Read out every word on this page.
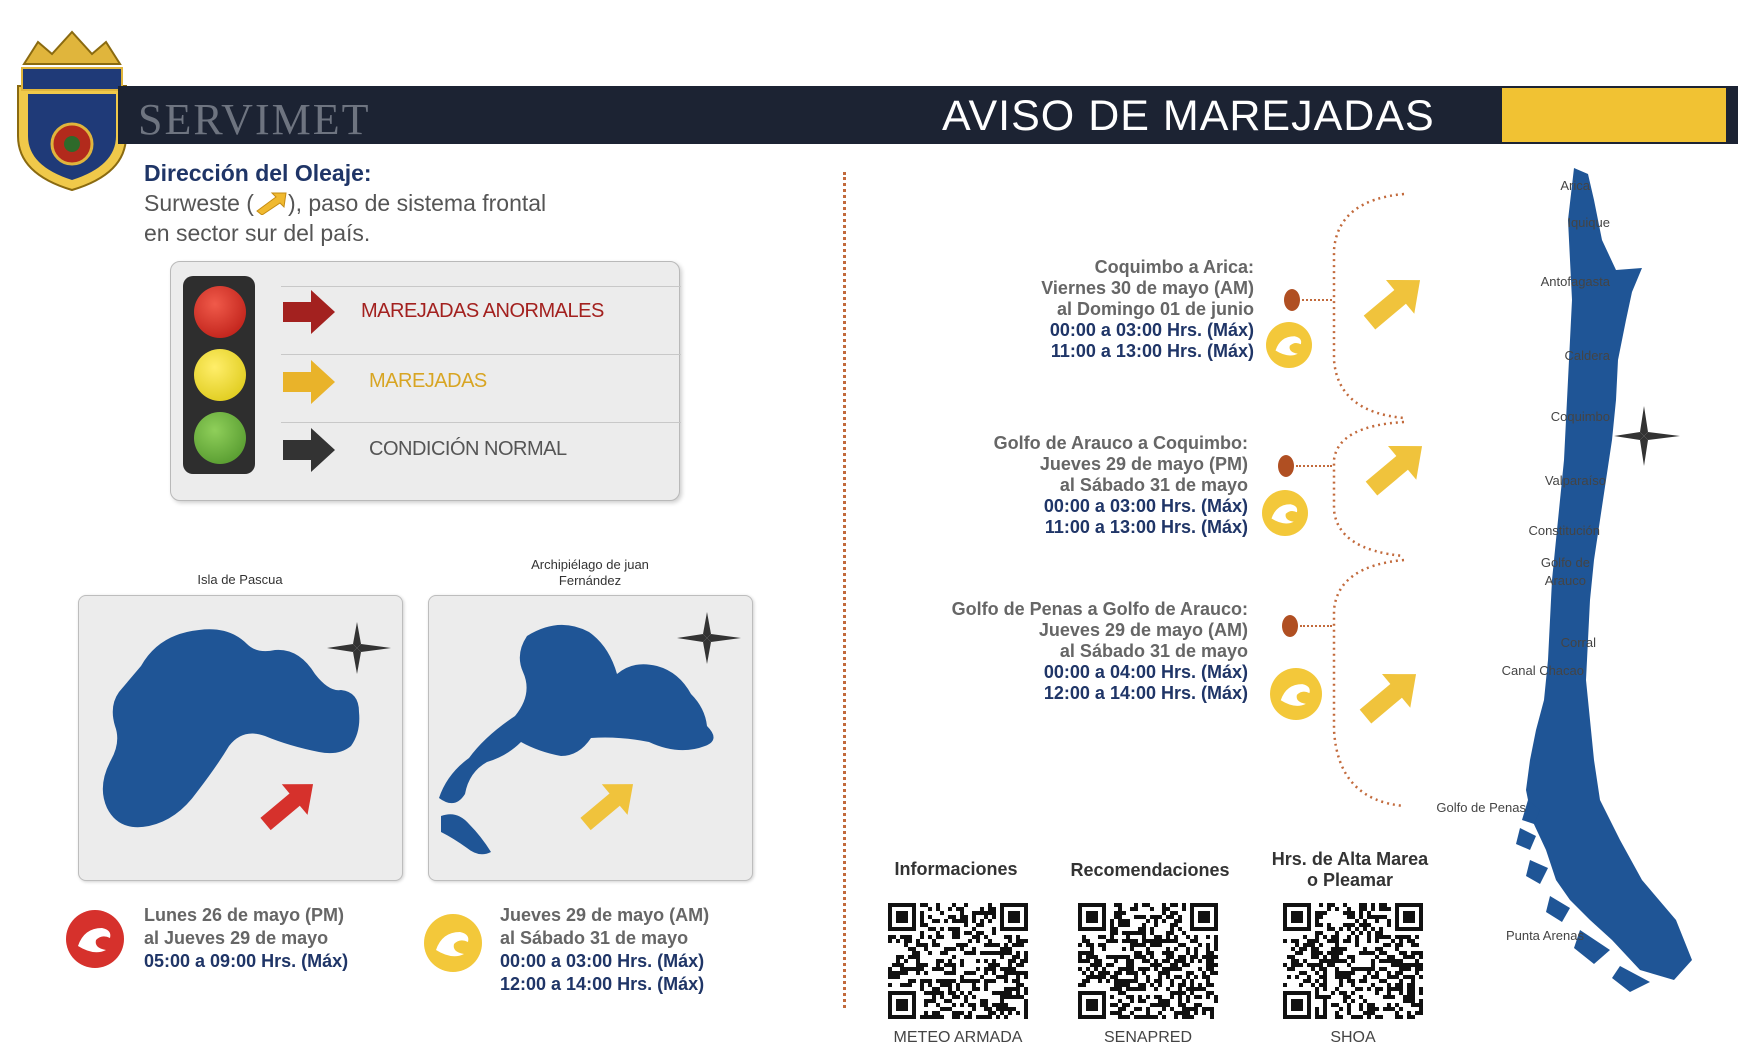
SERVIMET	AVISO DE MAREJADAS
Dirección del Oleaje:
Surweste ( ), paso de sistema frontal
en sector sur del país.
MAREJADAS ANORMALES
MAREJADAS
CONDICIÓN NORMAL
Isla de Pascua
Archipiélago de juan
Fernández
Lunes 26 de mayo (PM)
al Jueves 29 de mayo
05:00 a 09:00 Hrs. (Máx)
Jueves 29 de mayo (AM)
al Sábado 31 de mayo
00:00 a 03:00 Hrs. (Máx)
12:00 a 14:00 Hrs. (Máx)
Coquimbo a Arica:
Viernes 30 de mayo (AM)
al Domingo 01 de junio
00:00 a 03:00 Hrs. (Máx)
11:00 a 13:00 Hrs. (Máx)
Golfo de Arauco a Coquimbo:
Jueves 29 de mayo (PM)
al Sábado 31 de mayo
00:00 a 03:00 Hrs. (Máx)
11:00 a 13:00 Hrs. (Máx)
Golfo de Penas a Golfo de Arauco:
Jueves 29 de mayo (AM)
al Sábado 31 de mayo
00:00 a 04:00 Hrs. (Máx)
12:00 a 14:00 Hrs. (Máx)
Arica
Iquique
Antofagasta
Caldera
Coquimbo
Valparaíso
Constitución
Golfo de
Arauco
Corral
Canal Chacao
Golfo de Penas
Punta Arenas
Informaciones	Recomendaciones
Hrs. de Alta Marea
o Pleamar
METEO ARMADA	SENAPRED	SHOA
